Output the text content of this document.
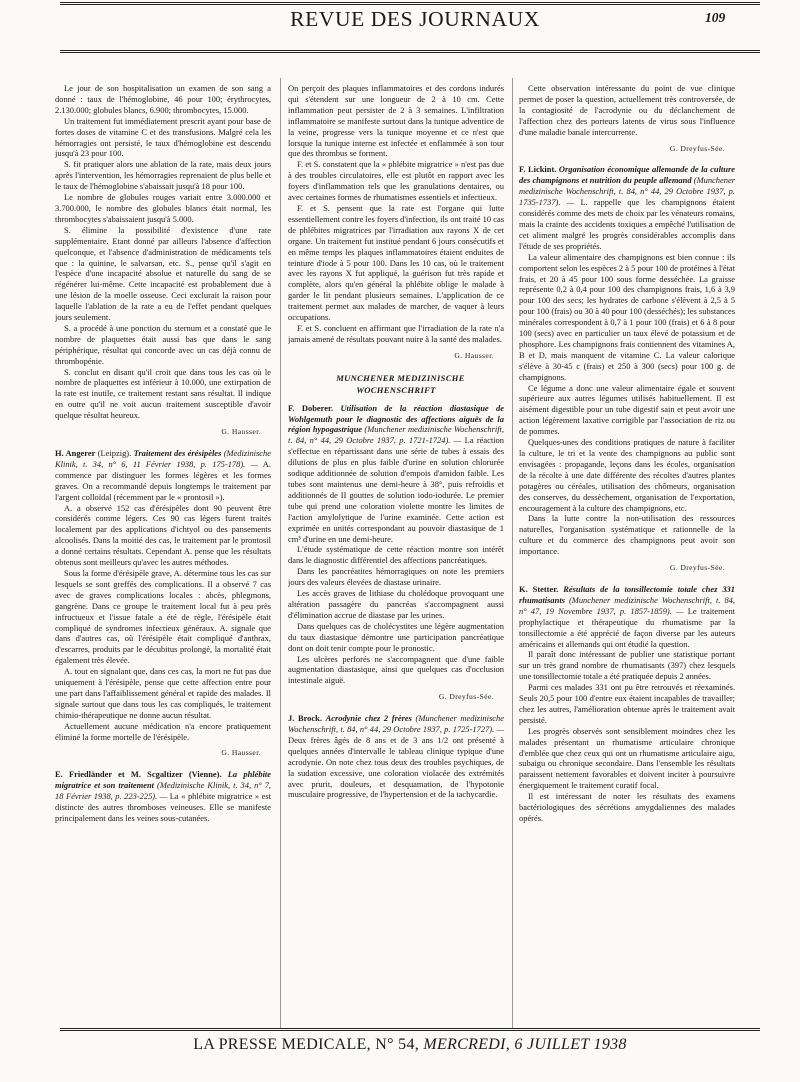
REVUE DES JOURNAUX	109

Le jour de son hospitalisation un examen de son sang a donné : taux de l'hémoglobine, 46 pour 100; érythrocytes, 2.130.000; globules blancs, 6.900; thrombocytes, 15.000.

Un traitement fut immédiatement prescrit ayant pour base de fortes doses de vitamine C et des transfusions. Malgré cela les hémorragies ont persisté, le taux d'hémoglobine est descendu jusqu'à 23 pour 100.

S. fit pratiquer alors une ablation de la rate, mais deux jours après l'intervention, les hémorragies reprenaient de plus belle et le taux de l'hémoglobine s'abaissait jusqu'à 18 pour 100.

Le nombre de globules rouges variait entre 3.000.000 et 3.700.000, le nombre des globules blancs était normal, les thrombocytes s'abaissaient jusqu'à 5.000.

S. élimine la possibilité d'existence d'une rate supplémentaire. Etant donné par ailleurs l'absence d'affection quelconque, et l'absence d'administration de médicaments tels que : la quinine, le salvarsan, etc. S., pense qu'il s'agit en l'espèce d'une incapacité absolue et naturelle du sang de se régénérer lui-même. Cette incapacité est probablement due à une lésion de la moelle osseuse. Ceci exclurait la raison pour laquelle l'ablation de la rate a eu de l'effet pendant quelques jours seulement.

S. a procédé à une ponction du sternum et a constaté que le nombre de plaquettes était aussi bas que dans le sang périphérique, résultat qui concorde avec un cas déjà connu de thrombopénie.

S. conclut en disant qu'il croit que dans tous les cas où le nombre de plaquettes est inférieur à 10.000, une extirpation de la rate est inutile, ce traitement restant sans résultat. Il indique en outre qu'il ne voit aucun traitement susceptible d'avoir quelque résultat heureux.

G. Hausser.

H. Angerer (Leipzig). Traitement des érésipèles (Medizinische Klinik, t. 34, n° 6, 11 Février 1938, p. 175-178). — A. commence par distinguer les formes légères et les formes graves. On a recommandé depuis longtemps le traitement par l'argent colloïdal (récemment par le « prontosil »).

A. a observé 152 cas d'érésipèles dont 90 peuvent être considérés comme légers. Ces 90 cas légers furent traités localement par des applications d'ichtyol ou des pansements alcoolisés. Dans la moitié des cas, le traitement par le prontosil a donné certains résultats. Cependant A. pense que les résultats obtenus sont meilleurs qu'avec les autres méthodes.

Sous la forme d'érésipèle grave, A. détermine tous les cas sur lesquels se sont greffés des complications. Il a observé 7 cas avec de graves complications locales : abcès, phlegmons, gangrène. Dans ce groupe le traitement local fut à peu près infructueux et l'issue fatale a été de règle, l'érésipèle était compliqué de syndromes infectieux généraux. A. signale que dans d'autres cas, où l'érésipèle était compliqué d'anthrax, d'escarres, produits par le décubitus prolongé, la mortalité était également très élevée.

A. tout en signalant que, dans ces cas, la mort ne fut pas due uniquement à l'érésipèle, pense que cette affection entre pour une part dans l'affaiblissement général et rapide des malades. Il signale surtout que dans tous les cas compliqués, le traitement chimio-thérapeutique ne donne aucun résultat.

Actuellement aucune médication n'a encore pratiquement éliminé la forme mortelle de l'érésipèle.

G. Hausser.

E. Friedländer et M. Scgaltizer (Vienne). La phlébite migratrice et son traitement (Medizinische Klinik, t. 34, n° 7, 18 Février 1938, p. 223-225). — La « phlébite migratrice » est distincte des autres thromboses veineuses. Elle se manifeste principalement dans les veines sous-cutanées.

On perçoit des plaques inflammatoires et des cordons indurés qui s'étendent sur une longueur de 2 à 10 cm. Cette inflammation peut persister de 2 à 3 semaines. L'infiltration inflammatoire se manifeste surtout dans la tunique adventice de la veine, progresse vers la tunique moyenne et ce n'est que lorsque la tunique interne est infectée et enflammée à son tour que des thrombus se forment.

F. et S. constatent que la « phlébite migratrice » n'est pas due à des troubles circulatoires, elle est plutôt en rapport avec les foyers d'inflammation tels que les granulations dentaires, ou avec certaines formes de rhumatismes essentiels et infectieux.

F. et S. pensent que la rate est l'organe qui lutte essentiellement contre les foyers d'infection, ils ont traité 10 cas de phlébites migratrices par l'irradiation aux rayons X de cet organe. Un traitement fut institué pendant 6 jours consécutifs et en même temps les plaques inflammatoires étaient enduites de teinture d'iode à 5 pour 100. Dans les 10 cas, où le traitement avec les rayons X fut appliqué, la guérison fut très rapide et complète, alors qu'en général la phlébite oblige le malade à garder le lit pendant plusieurs semaines. L'application de ce traitement permet aux malades de marcher, de vaquer à leurs occupations.

F. et S. concluent en affirmant que l'irradiation de la rate n'a jamais amené de résultats pouvant nuire à la santé des malades.

G. Hausser.

MUNCHENER MEDIZINISCHE WOCHENSCHRIFT

F. Doberer. Utilisation de la réaction diastasique de Wohlgemuth pour le diagnostic des affections aiguës de la région hypogastrique (Munchener medizinische Wochenschrift, t. 84, n° 44, 29 Octobre 1937, p. 1721-1724). — La réaction s'effectue en répartissant dans une série de tubes à essais des dilutions de plus en plus faible d'urine en solution chlorurée sodique additionnée de solution d'empois d'amidon faible. Les tubes sont maintenus une demi-heure à 38°, puis refroidis et additionnés de II gouttes de solution iodo-iodurée. Le premier tube qui prend une coloration violette montre les limites de l'action amylolytique de l'urine examinée. Cette action est exprimée en unités correspondant au pouvoir diastasique de 1 cm³ d'urine en une demi-heure.

L'étude systématique de cette réaction montre son intérêt dans le diagnostic différentiel des affections pancréatiques.

Dans les pancréatites hémorragiques on note les premiers jours des valeurs élevées de diastase urinaire.

Les accès graves de lithiase du cholédoque provoquant une altération passagère du pancréas s'accompagnent aussi d'élimination accrue de diastase par les urines.

Dans quelques cas de cholécystites une légère augmentation du taux diastasique démontre une participation pancréatique dont on doit tenir compte pour le pronostic.

Les ulcères perforés ne s'accompagnent que d'une faible augmentation diastasique, ainsi que quelques cas d'occlusion intestinale aiguë.

G. Dreyfus-Sée.

J. Brock. Acrodynie chez 2 frères (Munchener medizinische Wochenschrift, t. 84, n° 44, 29 Octobre 1937, p. 1725-1727). — Deux frères âgés de 8 ans et de 3 ans 1/2 ont présenté à quelques années d'intervalle le tableau clinique typique d'une acrodynie. On note chez tous deux des troubles psychiques, de la sudation excessive, une coloration violacée des extrémités avec prurit, douleurs, et desquamation, de l'hypotonie musculaire progressive, de l'hypertension et de la tachycardie.

Cette observation intéressante du point de vue clinique permet de poser la question, actuellement très controversée, de la contagiosité de l'acrodynie ou du déclanchement de l'affection chez des porteurs latents de virus sous l'influence d'une maladie banale intercurrente.

G. Dreyfus-Sée.

F. Lickint. Organisation économique allemande de la culture des champignons et nutrition du peuple allemand (Munchener medizinische Wochenschrift, t. 84, n° 44, 29 Octobre 1937, p. 1735-1737). — L. rappelle que les champignons étaient considérés comme des mets de choix par les vénateurs romains, mais la crainte des accidents toxiques a empêché l'utilisation de cet aliment malgré les progrès considérables accomplis dans l'étude de ses propriétés.

La valeur alimentaire des champignons est bien connue : ils comportent selon les espèces 2 à 5 pour 100 de protéines à l'état frais, et 20 à 45 pour 100 sous forme desséchée. La graisse représente 0,2 à 0,4 pour 100 des champignons frais, 1,6 à 3,9 pour 100 des secs; les hydrates de carbone s'élèvent à 2,5 à 5 pour 100 (frais) ou 30 à 40 pour 100 (desséchés); les substances minérales correspondent à 0,7 à 1 pour 100 (frais) et 6 à 8 pour 100 (secs) avec en particulier un taux élevé de potassium et de phosphore. Les champignons frais contiennent des vitamines A, B et D, mais manquent de vitamine C. La valeur calorique s'élève à 30-45 c (frais) et 250 à 300 (secs) pour 100 g. de champignons.

Ce légume a donc une valeur alimentaire égale et souvent supérieure aux autres légumes utilisés habituellement. Il est aisément digestible pour un tube digestif sain et peut avoir une action légèrement laxative corrigible par l'association de riz ou de pommes.

Quelques-unes des conditions pratiques de nature à faciliter la culture, le tri et la vente des champignons au public sont envisagées : propagande, leçons dans les écoles, organisation de la récolte à une date différente des récoltes d'autres plantes potagères ou céréales, utilisation des chômeurs, organisation des conserves, du dessèchement, organisation de l'exportation, encouragement à la culture des champignons, etc.

Dans la lutte contre la non-utilisation des ressources naturelles, l'organisation systématique et rationnelle de la culture et du commerce des champignons peut avoir son importance.

G. Dreyfus-Sée.

K. Stetter. Résultats de la tonsillectomie totale chez 331 rhumatisants (Munchener medizinische Wochenschrift, t. 84, n° 47, 19 Novembre 1937, p. 1857-1859). — Le traitement prophylactique et thérapeutique du rhumatisme par la tonsillectomie a été apprécié de façon diverse par les auteurs américains et allemands qui ont étudié la question.

Il paraît donc intéressant de publier une statistique portant sur un très grand nombre de rhumatisants (397) chez lesquels une tonsillectomie totale a été pratiquée depuis 2 années.

Parmi ces malades 331 ont pu être retrouvés et réexaminés. Seuls 20,5 pour 100 d'entre eux étaient incapables de travailler; chez les autres, l'amélioration obtenue après le traitement avait persisté.

Les progrès observés sont sensiblement moindres chez les malades présentant un rhumatisme articulaire chronique d'emblée que chez ceux qui ont un rhumatisme articulaire aigu, subaigu ou chronique secondaire. Dans l'ensemble les résultats paraissent nettement favorables et doivent inciter à poursuivre énergiquement le traitement curatif focal.

Il est intéressant de noter les résultats des examens bactériologiques des sécrétions amygdaliennes des malades opérés.

LA PRESSE MEDICALE, N° 54, MERCREDI, 6 JUILLET 1938
